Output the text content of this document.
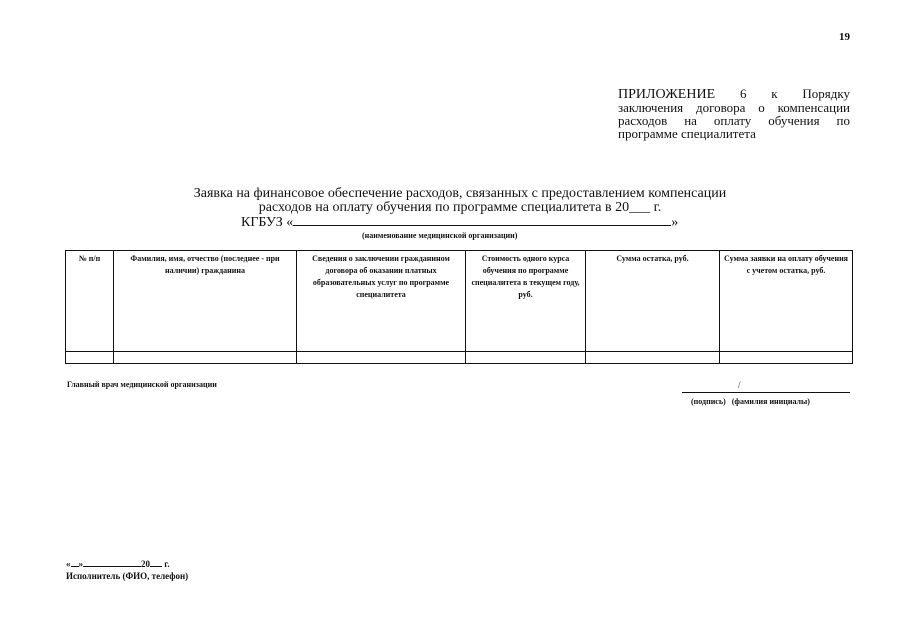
19
ПРИЛОЖЕНИЕ 6 к Порядку заключения договора о компенсации расходов на оплату обучения по программе специалитета
Заявка на финансовое обеспечение расходов, связанных с предоставлением компенсации
расходов на оплату обучения по программе специалитета в 20___ г.
КГБУЗ «	»
(наименование медицинской организации)
№ п/п	Фамилия, имя, отчество (последнее - при наличии) гражданина	Сведения о заключении гражданином договора об оказании платных образовательных услуг по программе специалитета	Стоимость одного курса обучения по программе специалитета в текущем году, руб.	Сумма остатка, руб.	Сумма заявки на оплату обучения с учетом остатка, руб.

Главный врач медицинской организации	/
(подпись)   (фамилия инициалы)
« »	20 г.
Исполнитель (ФИО, телефон)
